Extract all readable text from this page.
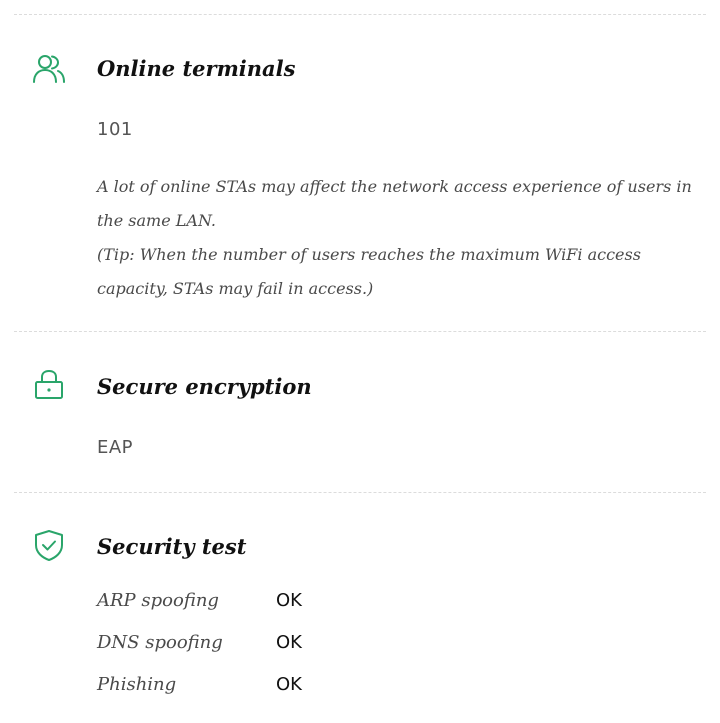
Online terminals
101

A lot of online STAs may affect the network access experience of users in the same LAN.

(Tip: When the number of users reaches the maximum WiFi access capacity, STAs may fail in access.)

Secure encryption
EAP
Security test
ARP spoofing	OK
DNS spoofing	OK
Phishing	OK
